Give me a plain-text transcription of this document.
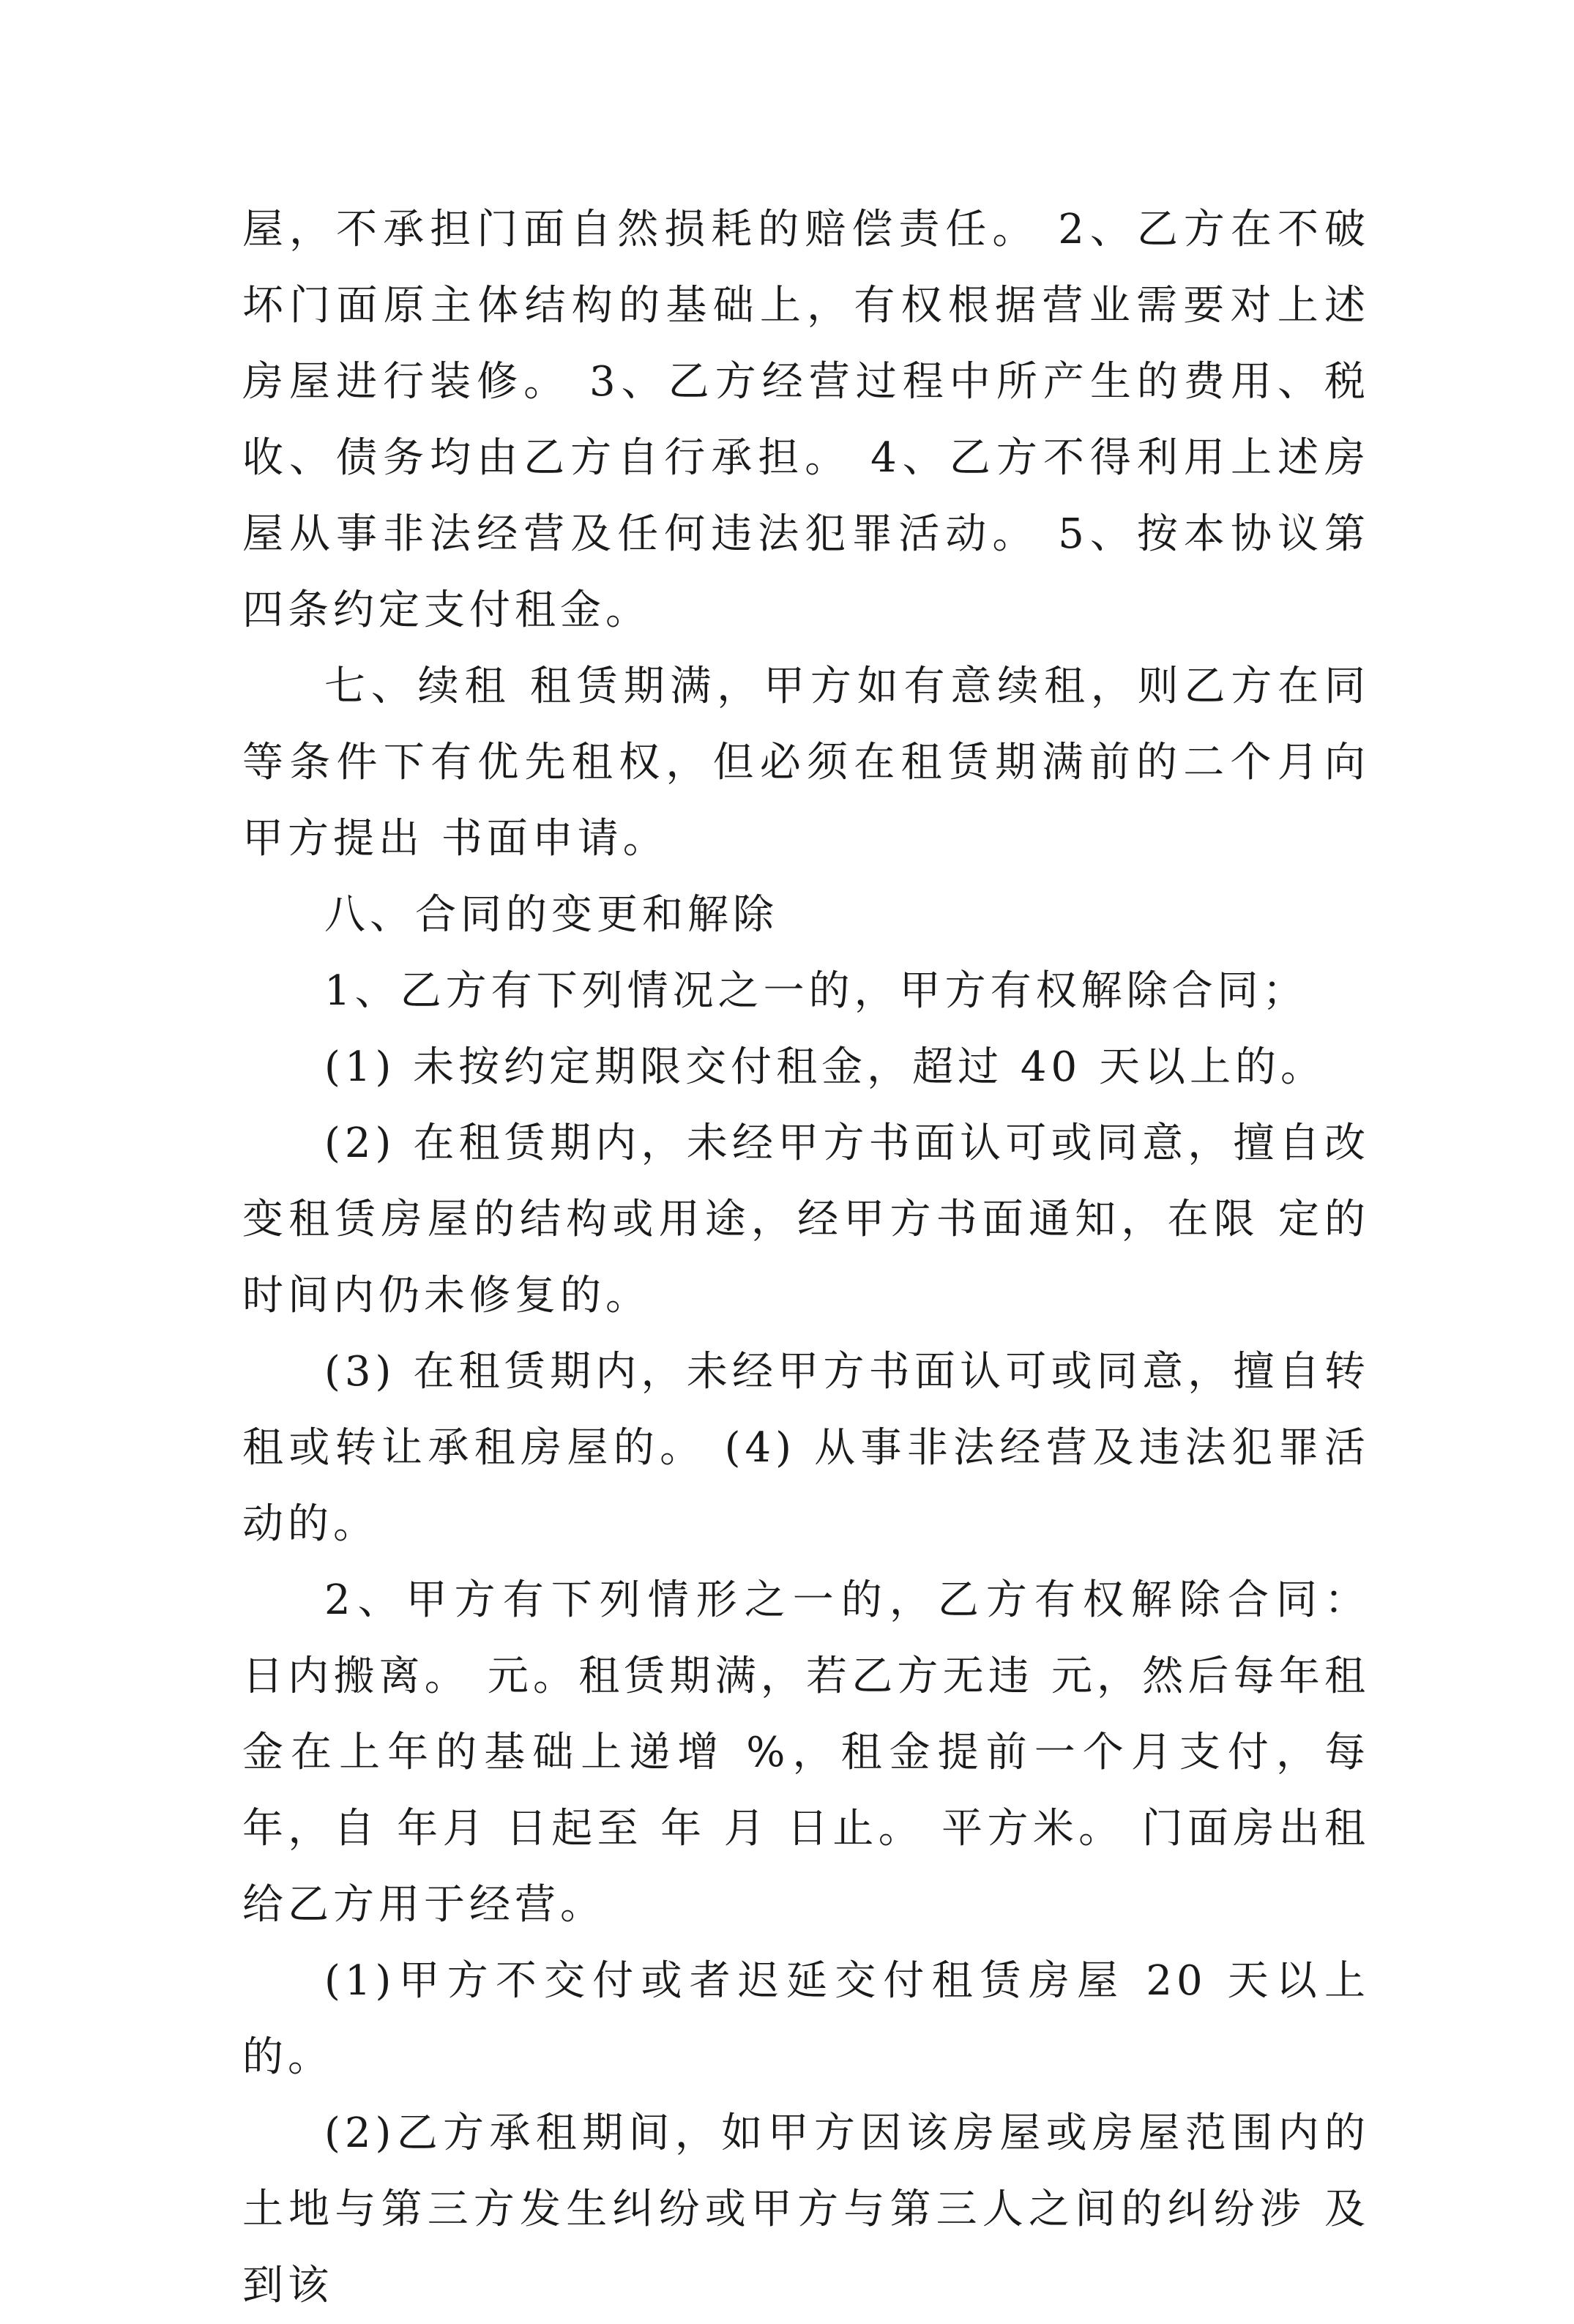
屋，不承担门面自然损耗的赔偿责任。 2、乙方在不破坏门面原主体结构的基础上，有权根据营业需要对上述房屋进行装修。 3、乙方经营过程中所产生的费用、税收、债务均由乙方自行承担。 4、乙方不得利用上述房屋从事非法经营及任何违法犯罪活动。 5、按本协议第四条约定支付租金。

七、续租 租赁期满，甲方如有意续租，则乙方在同等条件下有优先租权，但必须在租赁期满前的二个月向甲方提出 书面申请。

八、合同的变更和解除

1、乙方有下列情况之一的，甲方有权解除合同；

(1) 未按约定期限交付租金，超过 40 天以上的。

(2) 在租赁期内，未经甲方书面认可或同意，擅自改变租赁房屋的结构或用途，经甲方书面通知，在限 定的时间内仍未修复的。

(3) 在租赁期内，未经甲方书面认可或同意，擅自转租或转让承租房屋的。 (4) 从事非法经营及违法犯罪活动的。

2、甲方有下列情形之一的，乙方有权解除合同： 日内搬离。 元。租赁期满，若乙方无违 元，然后每年租金在上年的基础上递增 %，租金提前一个月支付，每 年，自 年月 日起至 年 月 日止。 平方米。 门面房出租给乙方用于经营。

(1)甲方不交付或者迟延交付租赁房屋 20 天以上的。

(2)乙方承租期间，如甲方因该房屋或房屋范围内的土地与第三方发生纠纷或甲方与第三人之间的纠纷涉 及到该
